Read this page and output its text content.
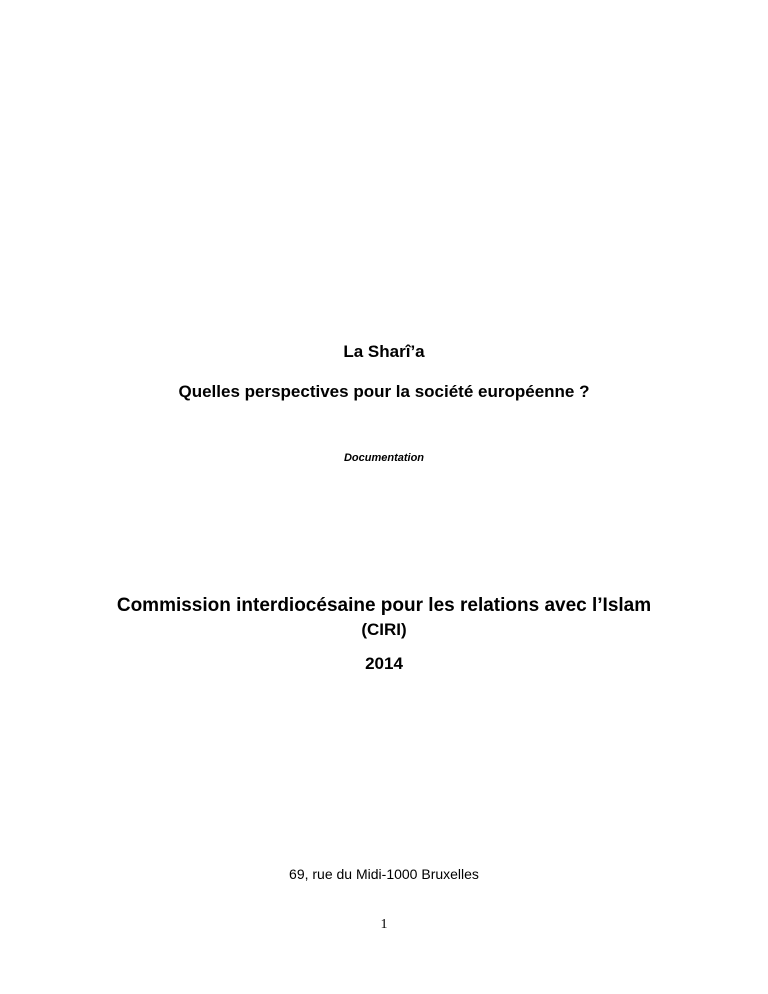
La Sharî’a
Quelles perspectives pour la société européenne ?
Documentation
Commission interdiocésaine pour les relations avec l’Islam
(CIRI)
2014
69, rue du Midi-1000 Bruxelles
1
